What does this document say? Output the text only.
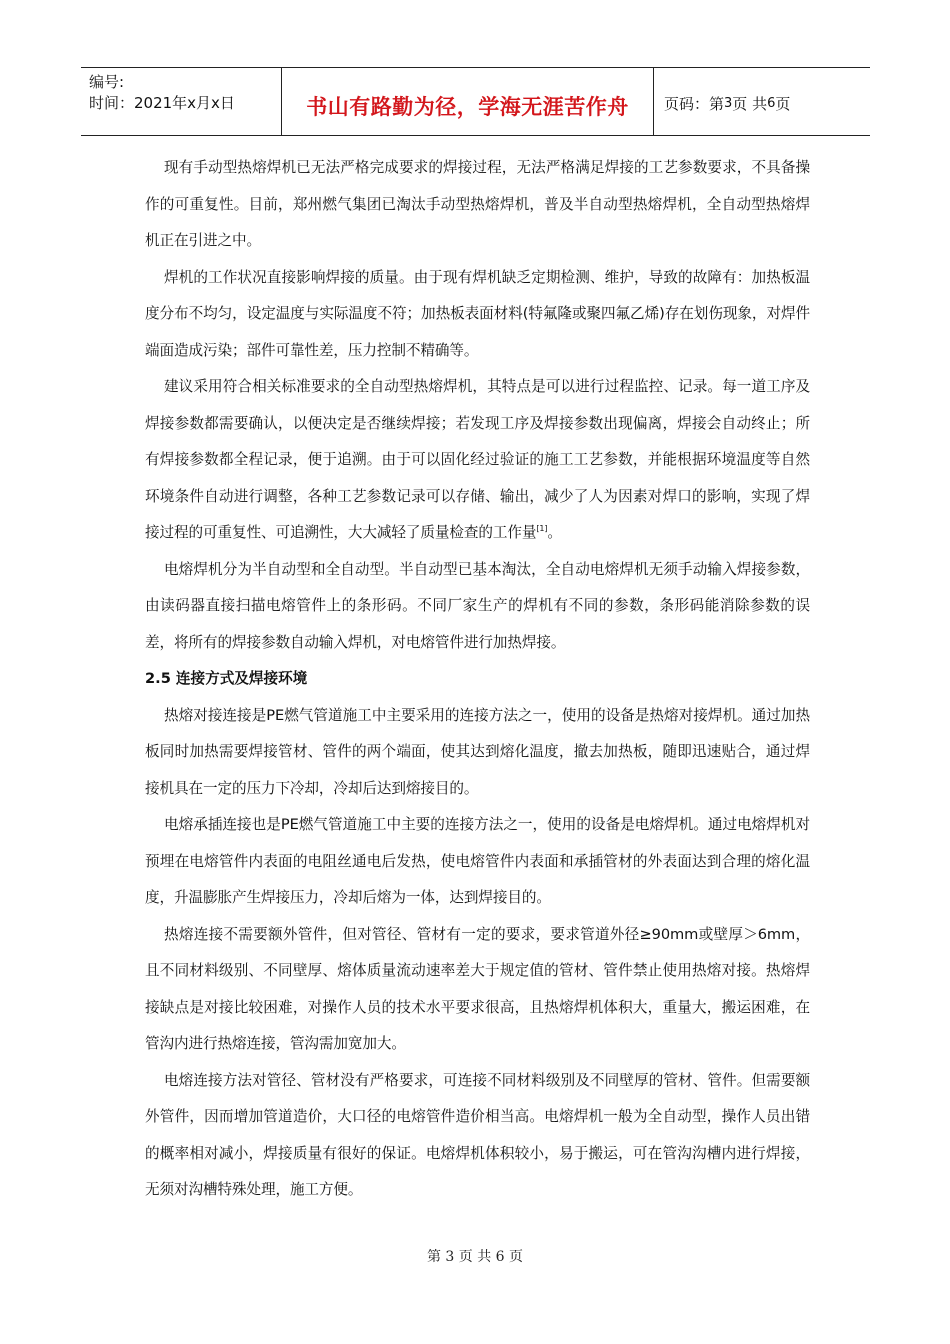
编号:
时间：2021年x月x日	书山有路勤为径，学海无涯苦作舟	页码：第 3 页 共 6 页

现有手动型热熔焊机已无法严格完成要求的焊接过程，无法严格满足焊接的工艺参数要求，不具备操作的可重复性。目前，郑州燃气集团已淘汰手动型热熔焊机，普及半自动型热熔焊机，全自动型热熔焊机正在引进之中。

焊机的工作状况直接影响焊接的质量。由于现有焊机缺乏定期检测、维护，导致的故障有：加热板温度分布不均匀，设定温度与实际温度不符；加热板表面材料(特氟隆或聚四氟乙烯)存在划伤现象，对焊件端面造成污染；部件可靠性差，压力控制不精确等。

建议采用符合相关标准要求的全自动型热熔焊机，其特点是可以进行过程监控、记录。每一道工序及焊接参数都需要确认，以便决定是否继续焊接；若发现工序及焊接参数出现偏离，焊接会自动终止；所有焊接参数都全程记录，便于追溯。由于可以固化经过验证的施工工艺参数，并能根据环境温度等自然环境条件自动进行调整，各种工艺参数记录可以存储、输出，减少了人为因素对焊口的影响，实现了焊接过程的可重复性、可追溯性，大大减轻了质量检查的工作量[1]。

电熔焊机分为半自动型和全自动型。半自动型已基本淘汰，全自动电熔焊机无须手动输入焊接参数，由读码器直接扫描电熔管件上的条形码。不同厂家生产的焊机有不同的参数，条形码能消除参数的误差，将所有的焊接参数自动输入焊机，对电熔管件进行加热焊接。

2.5 连接方式及焊接环境

热熔对接连接是PE燃气管道施工中主要采用的连接方法之一，使用的设备是热熔对接焊机。通过加热板同时加热需要焊接管材、管件的两个端面，使其达到熔化温度，撤去加热板，随即迅速贴合，通过焊接机具在一定的压力下冷却，冷却后达到熔接目的。

电熔承插连接也是PE燃气管道施工中主要的连接方法之一，使用的设备是电熔焊机。通过电熔焊机对预埋在电熔管件内表面的电阻丝通电后发热，使电熔管件内表面和承插管材的外表面达到合理的熔化温度，升温膨胀产生焊接压力，冷却后熔为一体，达到焊接目的。

热熔连接不需要额外管件，但对管径、管材有一定的要求，要求管道外径≥90mm或壁厚＞6mm，且不同材料级别、不同壁厚、熔体质量流动速率差大于规定值的管材、管件禁止使用热熔对接。热熔焊接缺点是对接比较困难，对操作人员的技术水平要求很高，且热熔焊机体积大，重量大，搬运困难，在管沟内进行热熔连接，管沟需加宽加大。

电熔连接方法对管径、管材没有严格要求，可连接不同材料级别及不同壁厚的管材、管件。但需要额外管件，因而增加管道造价，大口径的电熔管件造价相当高。电熔焊机一般为全自动型，操作人员出错的概率相对减小，焊接质量有很好的保证。电熔焊机体积较小，易于搬运，可在管沟沟槽内进行焊接，无须对沟槽特殊处理，施工方便。

第 3 页 共 6 页
